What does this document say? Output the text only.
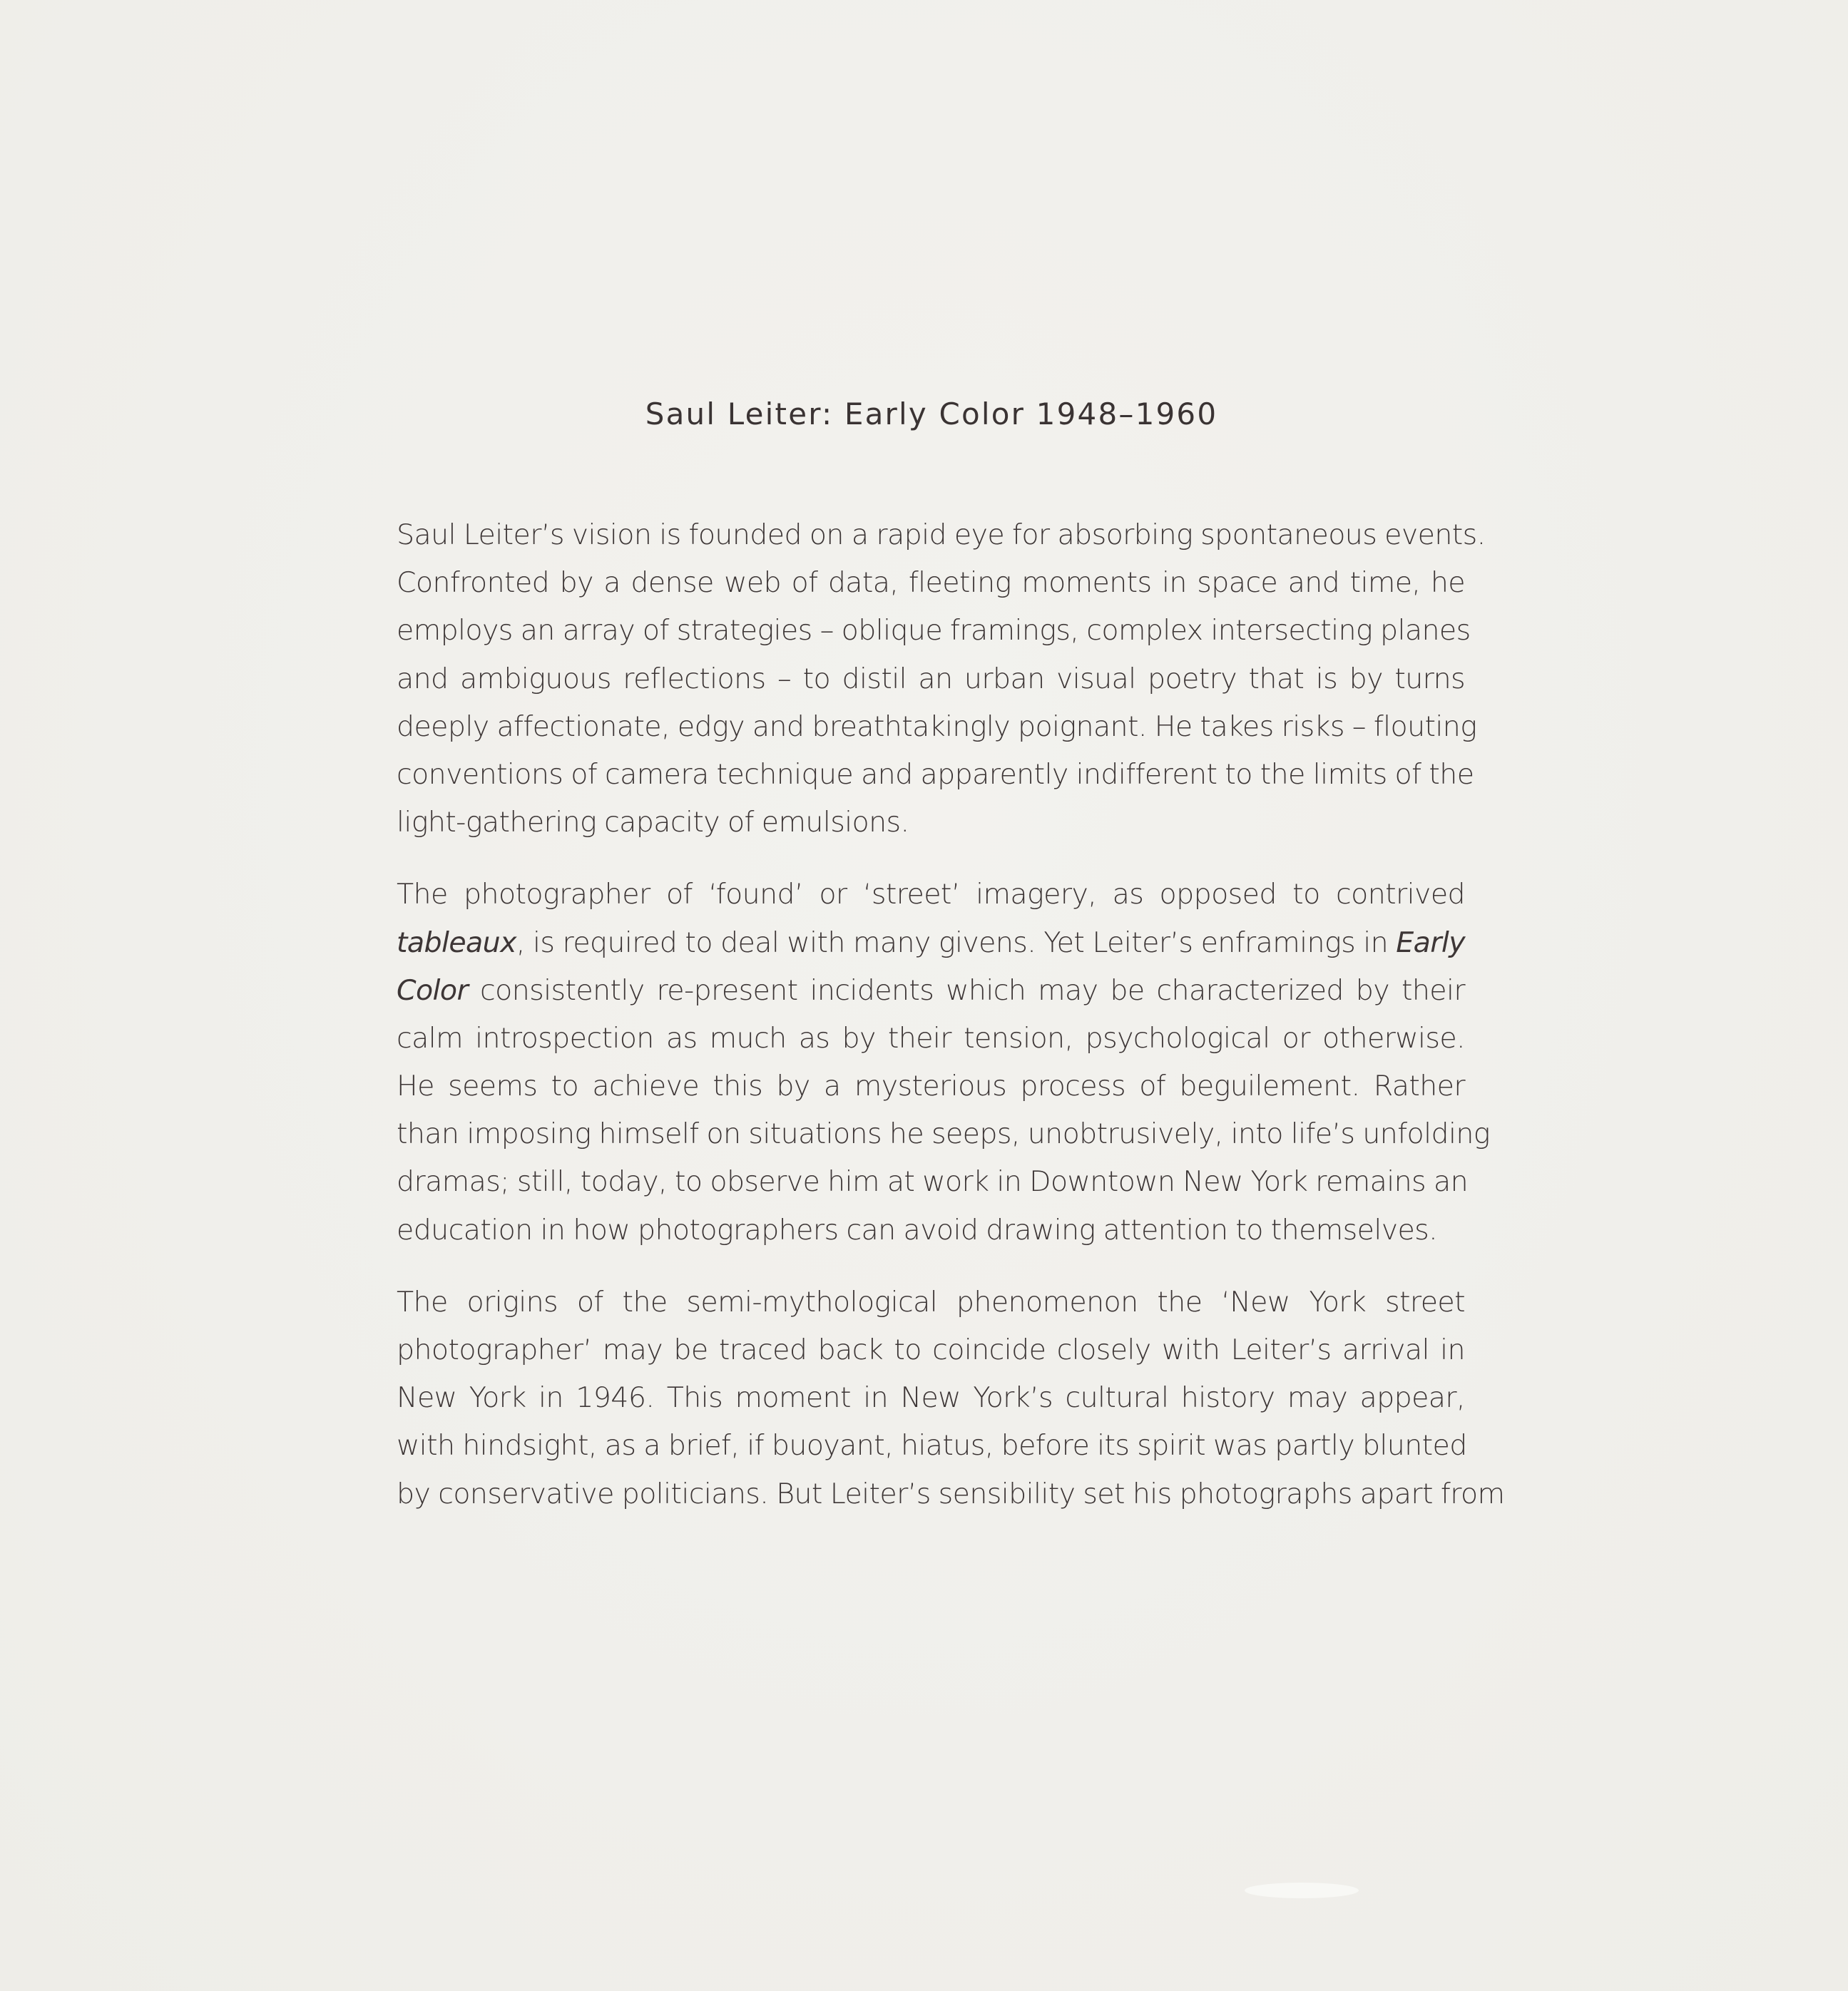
Saul Leiter: Early Color 1948–1960

Saul Leiter’s vision is founded on a rapid eye for absorbing spontaneous events.
Confronted by a dense web of data, fleeting moments in space and time, he
employs an array of strategies – oblique framings, complex intersecting planes
and ambiguous reflections – to distil an urban visual poetry that is by turns
deeply affectionate, edgy and breathtakingly poignant. He takes risks – flouting
conventions of camera technique and apparently indifferent to the limits of the
light-gathering capacity of emulsions.

The photographer of ‘found’ or ‘street’ imagery, as opposed to contrived
tableaux, is required to deal with many givens. Yet Leiter’s enframings in Early
Color consistently re-present incidents which may be characterized by their
calm introspection as much as by their tension, psychological or otherwise.
He seems to achieve this by a mysterious process of beguilement. Rather
than imposing himself on situations he seeps, unobtrusively, into life’s unfolding
dramas; still, today, to observe him at work in Downtown New York remains an
education in how photographers can avoid drawing attention to themselves.

The origins of the semi-mythological phenomenon the ‘New York street
photographer’ may be traced back to coincide closely with Leiter’s arrival in
New York in 1946. This moment in New York’s cultural history may appear,
with hindsight, as a brief, if buoyant, hiatus, before its spirit was partly blunted
by conservative politicians. But Leiter’s sensibility set his photographs apart from
